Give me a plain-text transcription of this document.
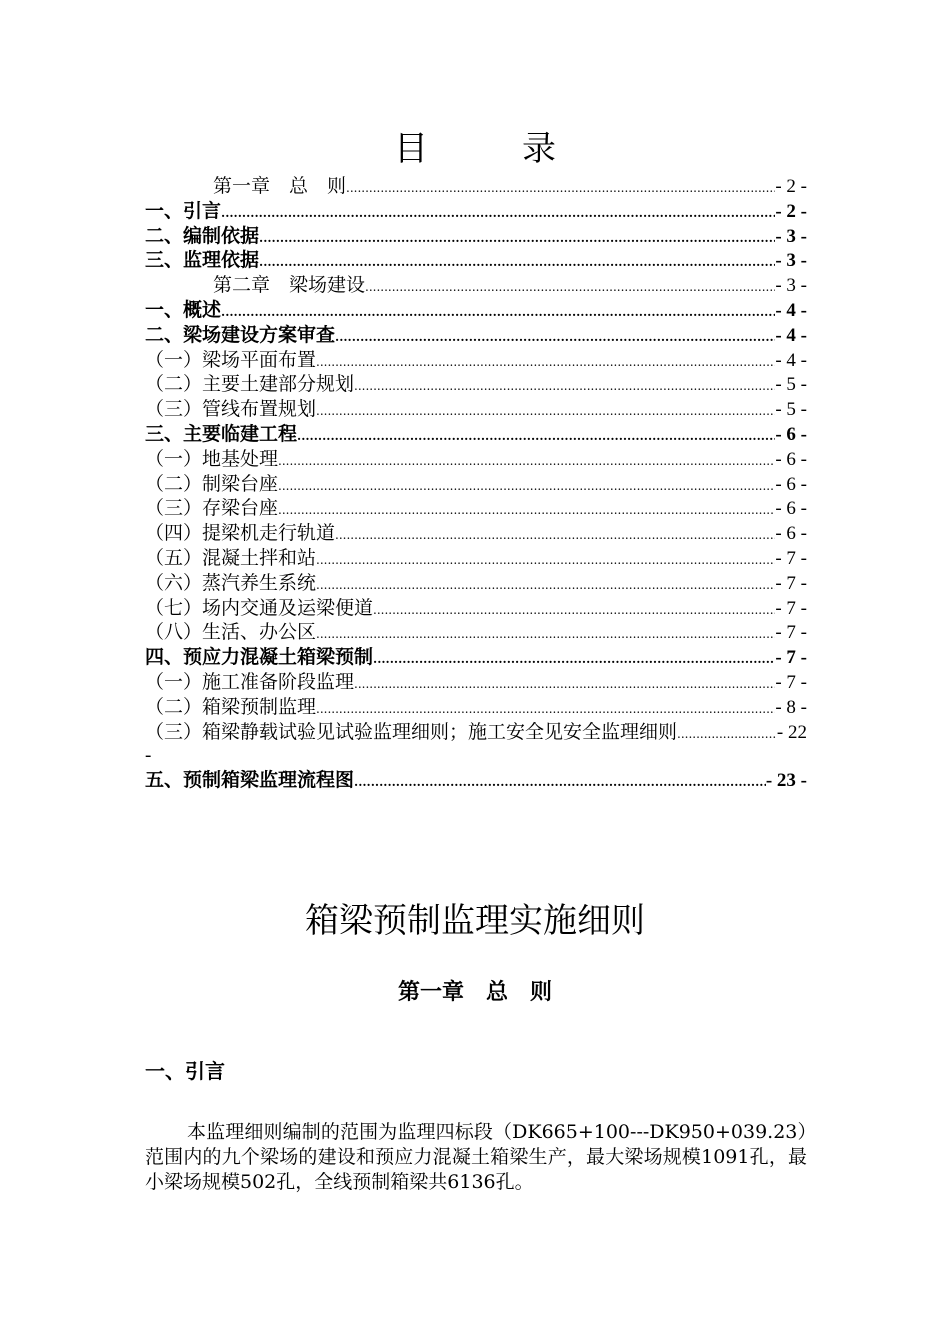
目　录
第一章　总　则 .....	- 2 -
一、引言 .....	- 2 -
二、编制依据 .....	- 3 -
三、监理依据 .....	- 3 -
第二章　梁场建设 .....	- 3 -
一、概述 .....	- 4 -
二、梁场建设方案审查 .....	- 4 -
（一）梁场平面布置 .....	- 4 -
（二）主要土建部分规划 .....	- 5 -
（三）管线布置规划 .....	- 5 -
三、主要临建工程 .....	- 6 -
（一）地基处理 .....	- 6 -
（二）制梁台座 .....	- 6 -
（三）存梁台座 .....	- 6 -
（四）提梁机走行轨道 .....	- 6 -
（五）混凝土拌和站 .....	- 7 -
（六）蒸汽养生系统 .....	- 7 -
（七）场内交通及运梁便道 .....	- 7 -
（八）生活、办公区 .....	- 7 -
四、预应力混凝土箱梁预制 .....	- 7 -
（一）施工准备阶段监理 .....	- 7 -
（二）箱梁预制监理 .....	- 8 -
（三）箱梁静载试验见试验监理细则；施工安全见安全监理细则 .....	- 22
-
五、预制箱梁监理流程图 .....	- 23 -
箱梁预制监理实施细则
第一章　总　则
一、引言
本监理细则编制的范围为监理四标段（DK665+100---DK950+039.23）范围内的九个梁场的建设和预应力混凝土箱梁生产，最大梁场规模1091孔，最小梁场规模502孔，全线预制箱梁共6136孔。
